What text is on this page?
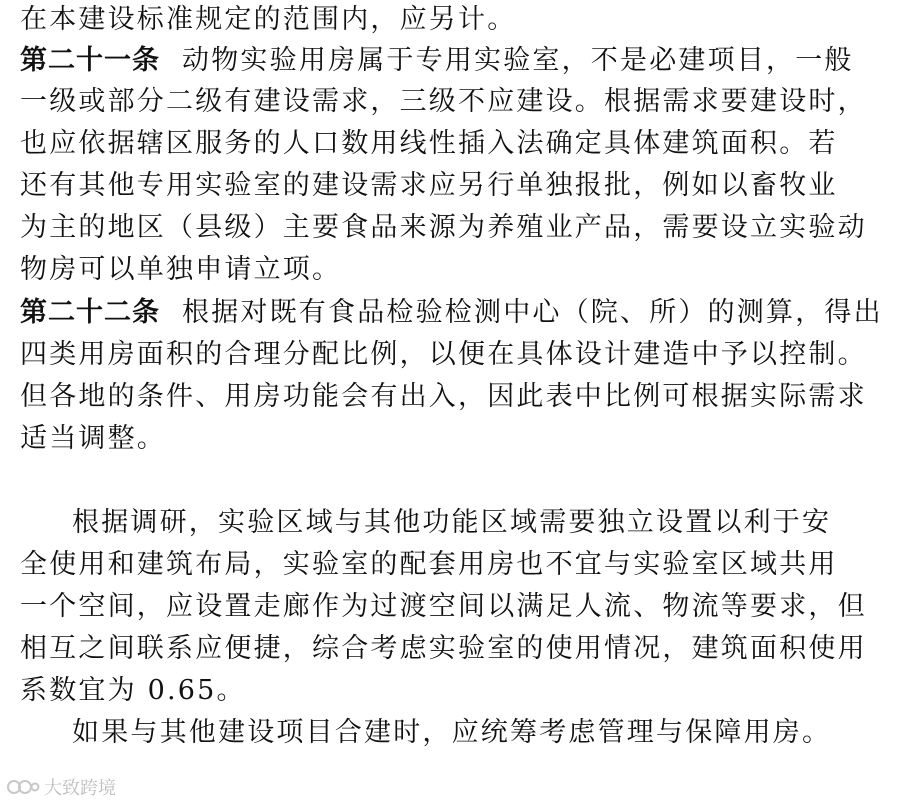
在本建设标准规定的范围内，应另计。
第二十一条 动物实验用房属于专用实验室，不是必建项目，一般
一级或部分二级有建设需求，三级不应建设。根据需求要建设时，
也应依据辖区服务的人口数用线性插入法确定具体建筑面积。若
还有其他专用实验室的建设需求应另行单独报批，例如以畜牧业
为主的地区（县级）主要食品来源为养殖业产品，需要设立实验动
物房可以单独申请立项。
第二十二条 根据对既有食品检验检测中心（院、所）的测算，得出
四类用房面积的合理分配比例，以便在具体设计建造中予以控制。
但各地的条件、用房功能会有出入，因此表中比例可根据实际需求
适当调整。
根据调研，实验区域与其他功能区域需要独立设置以利于安
全使用和建筑布局，实验室的配套用房也不宜与实验室区域共用
一个空间，应设置走廊作为过渡空间以满足人流、物流等要求，但
相互之间联系应便捷，综合考虑实验室的使用情况，建筑面积使用
系数宜为 0.65。
如果与其他建设项目合建时，应统筹考虑管理与保障用房。
大致跨境
